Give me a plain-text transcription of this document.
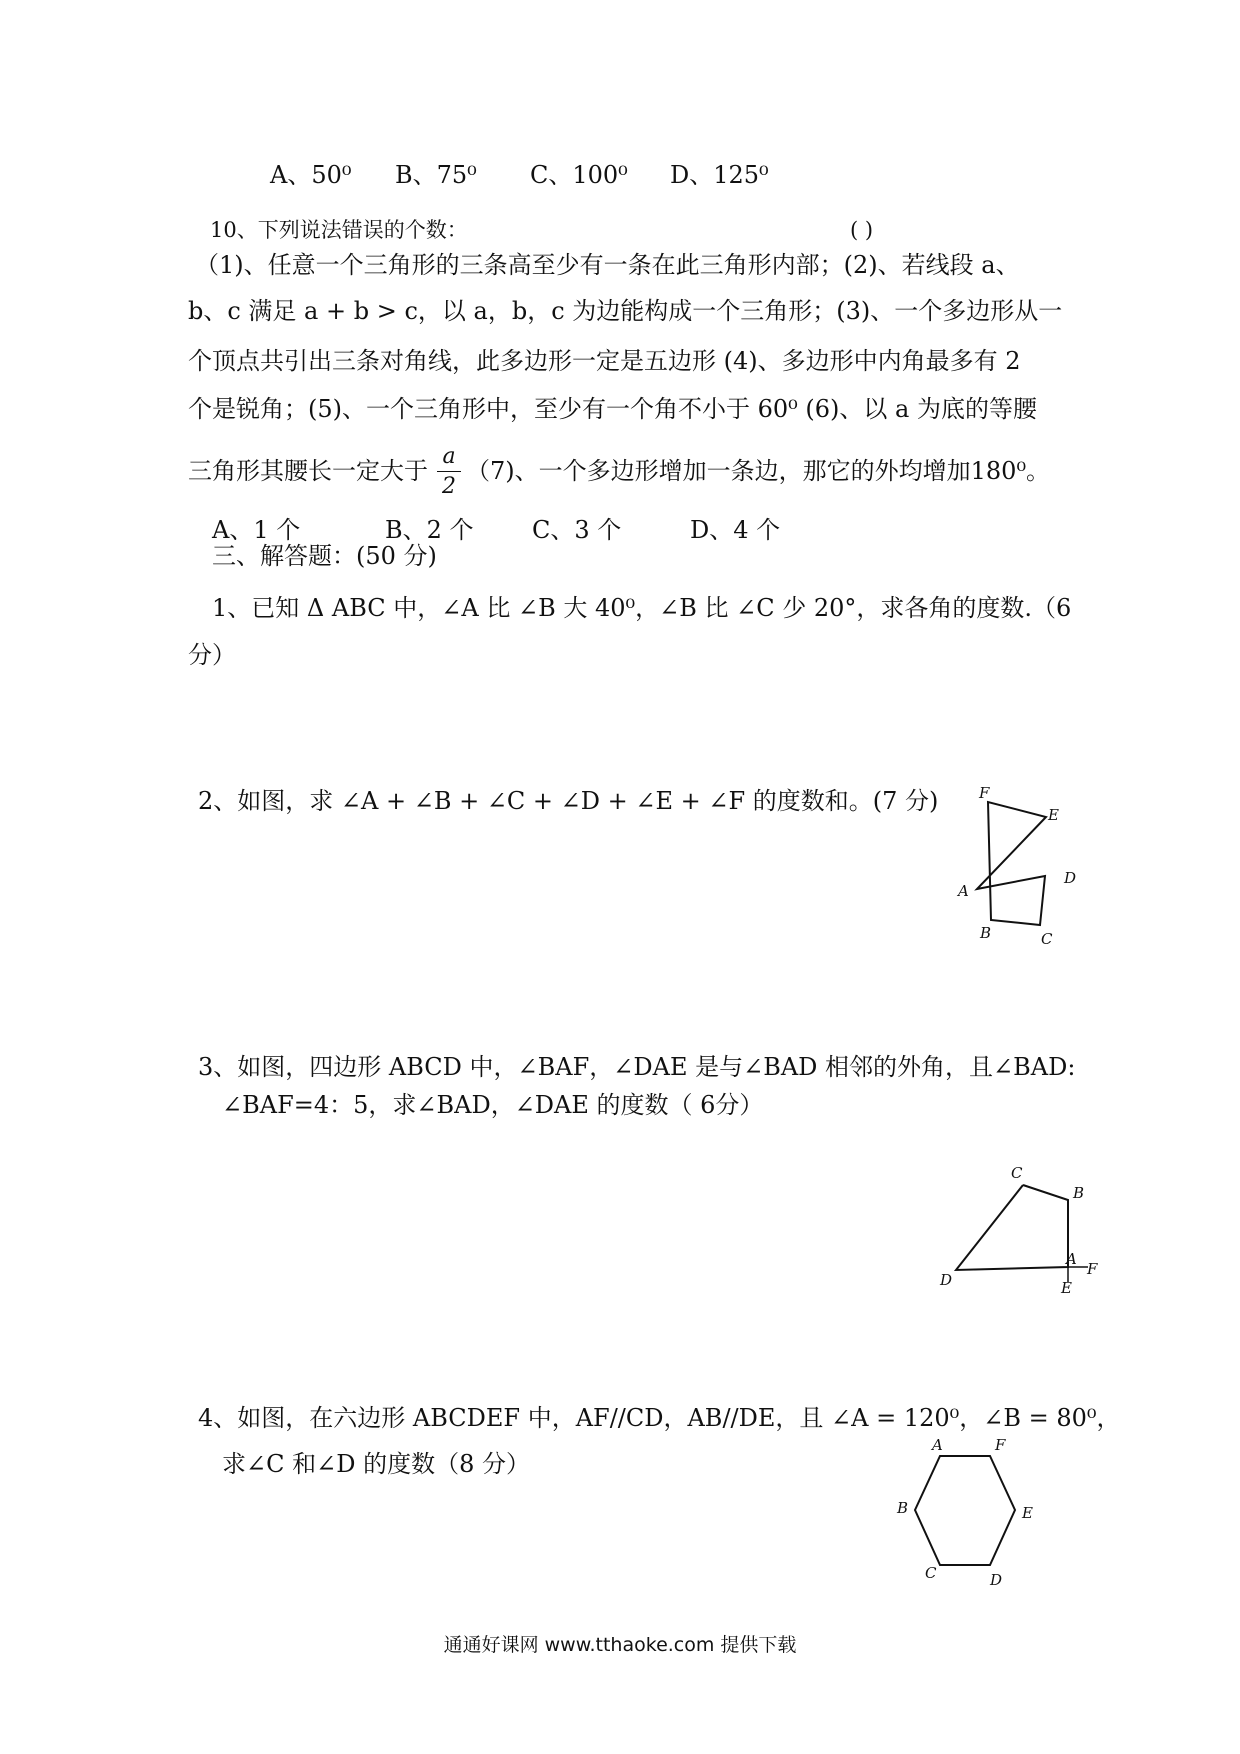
A、50⁰ B、75⁰ C、100⁰ D、125⁰
10、下列说法错误的个数：	( )
（1)、任意一个三角形的三条高至少有一条在此三角形内部；(2)、若线段 a、
b、c 满足 a + b > c，以 a，b，c 为边能构成一个三角形；(3)、一个多边形从一
个顶点共引出三条对角线，此多边形一定是五边形 (4)、多边形中内角最多有 2
个是锐角；(5)、一个三角形中，至少有一个角不小于 60⁰ (6)、以 a 为底的等腰
三角形其腰长一定大于
a
2
（7)、一个多边形增加一条边，那它的外均增加180⁰。
A、1 个	B、2 个 C、3 个	D、4 个
三、解答题：(50 分)
1、已知 Δ ABC 中，∠A 比 ∠B 大 40⁰，∠B 比 ∠C 少 20°，求各角的度数.（6
分）
2、如图，求 ∠A + ∠B + ∠C + ∠D + ∠E + ∠F 的度数和。(7 分)	F
E
A
D
B	C
3、如图，四边形 ABCD 中，∠BAF，∠DAE 是与∠BAD 相邻的外角，且∠BAD:
∠BAF=4：5，求∠BAD，∠DAE 的度数（ 6分）
C
B
A
F
D	E
4、如图，在六边形 ABCDEF 中，AF//CD，AB//DE，且 ∠A = 120⁰，∠B = 80⁰，
求∠C 和∠D 的度数（8 分）
A	F
B	E
C	D
通通好课网 www.tthaoke.com 提供下载
